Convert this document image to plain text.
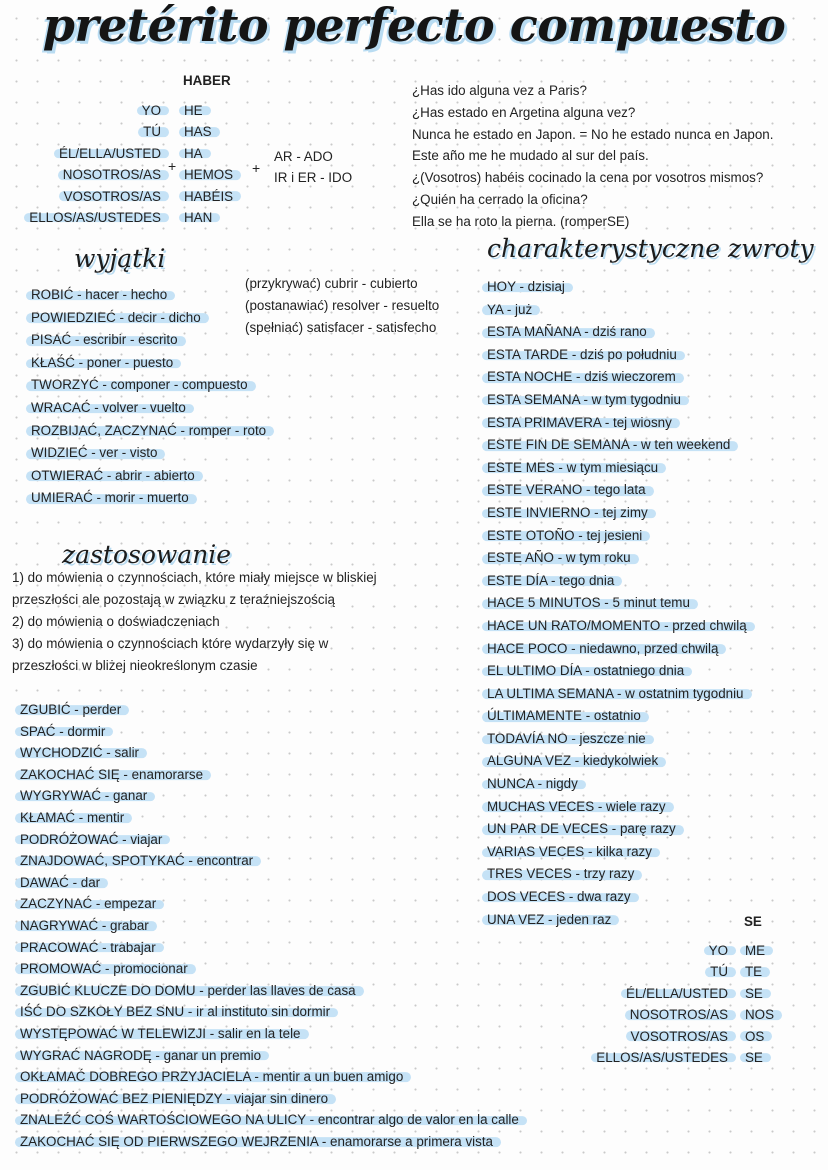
pretérito perfecto compuesto
HABER
YO
TÚ
ÉL/ELLA/USTED
NOSOTROS/AS
VOSOTROS/AS
ELLOS/AS/USTEDES
+
HE
HAS
HA
HEMOS
HABÉIS
HAN
+
AR - ADO
IR i ER - IDO
¿Has ido alguna vez a Paris?
¿Has estado en Argetina alguna vez?
Nunca he estado en Japon. = No he estado nunca en Japon.
Este año me he mudado al sur del país.
¿(Vosotros) habéis cocinado la cena por vosotros mismos?
¿Quién ha cerrado la oficina?
Ella se ha roto la pierna. (romperSE)
wyjątki
ROBIĆ - hacer - hecho
POWIEDZIEĆ - decir - dicho
PISAĆ - escribir - escrito
KŁAŚĆ - poner - puesto
TWORZYĆ - componer - compuesto
WRACAĆ - volver - vuelto
ROZBIJAĆ, ZACZYNAĆ - romper - roto
WIDZIEĆ - ver - visto
OTWIERAĆ - abrir - abierto
UMIERAĆ - morir - muerto
(przykrywać) cubrir - cubierto
(postanawiać) resolver - resuelto
(spełniać) satisfacer - satisfecho
zastosowanie
1) do mówienia o czynnościach, które miały miejsce w bliskiej
przeszłości ale pozostają w związku z teraźniejszością
2) do mówienia o doświadczeniach
3) do mówienia o czynnościach które wydarzyły się w
przeszłości w bliżej nieokreślonym czasie
ZGUBIĆ - perder
SPAĆ - dormir
WYCHODZIĆ - salir
ZAKOCHAĆ SIĘ - enamorarse
WYGRYWAĆ - ganar
KŁAMAĆ - mentir
PODRÓŻOWAĆ - viajar
ZNAJDOWAĆ, SPOTYKAĆ - encontrar
DAWAĆ - dar
ZACZYNAĆ - empezar
NAGRYWAĆ - grabar
PRACOWAĆ - trabajar
PROMOWAĆ - promocionar
ZGUBIĆ KLUCZE DO DOMU - perder las llaves de casa
IŚĆ DO SZKOŁY BEZ SNU - ir al instituto sin dormir
WYSTĘPOWAĆ W TELEWIZJI - salir en la tele
WYGRAĆ NAGRODĘ - ganar un premio
OKŁAMAĆ DOBREGO PRZYJACIELA - mentir a un buen amigo
PODRÓŻOWAĆ BEZ PIENIĘDZY - viajar sin dinero
ZNALEŹĆ COŚ WARTOŚCIOWEGO NA ULICY - encontrar algo de valor en la calle
ZAKOCHAĆ SIĘ OD PIERWSZEGO WEJRZENIA - enamorarse a primera vista
charakterystyczne zwroty
HOY - dzisiaj
YA - już
ESTA MAÑANA - dziś rano
ESTA TARDE - dziś po południu
ESTA NOCHE - dziś wieczorem
ESTA SEMANA - w tym tygodniu
ESTA PRIMAVERA - tej wiosny
ESTE FIN DE SEMANA - w ten weekend
ESTE MES - w tym miesiącu
ESTE VERANO - tego lata
ESTE INVIERNO - tej zimy
ESTE OTOÑO - tej jesieni
ESTE AÑO - w tym roku
ESTE DÍA - tego dnia
HACE 5 MINUTOS - 5 minut temu
HACE UN RATO/MOMENTO - przed chwilą
HACE POCO - niedawno, przed chwilą
EL ULTIMO DÍA - ostatniego dnia
LA ULTIMA SEMANA - w ostatnim tygodniu
ÚLTIMAMENTE - ostatnio
TODAVÍA NO - jeszcze nie
ALGUNA VEZ - kiedykolwiek
NUNCA - nigdy
MUCHAS VECES - wiele razy
UN PAR DE VECES - parę razy
VARIAS VECES - kilka razy
TRES VECES - trzy razy
DOS VECES - dwa razy
UNA VEZ - jeden raz	SE
YO
TÚ
ÉL/ELLA/USTED
NOSOTROS/AS
VOSOTROS/AS
ELLOS/AS/USTEDES
ME
TE
SE
NOS
OS
SE
